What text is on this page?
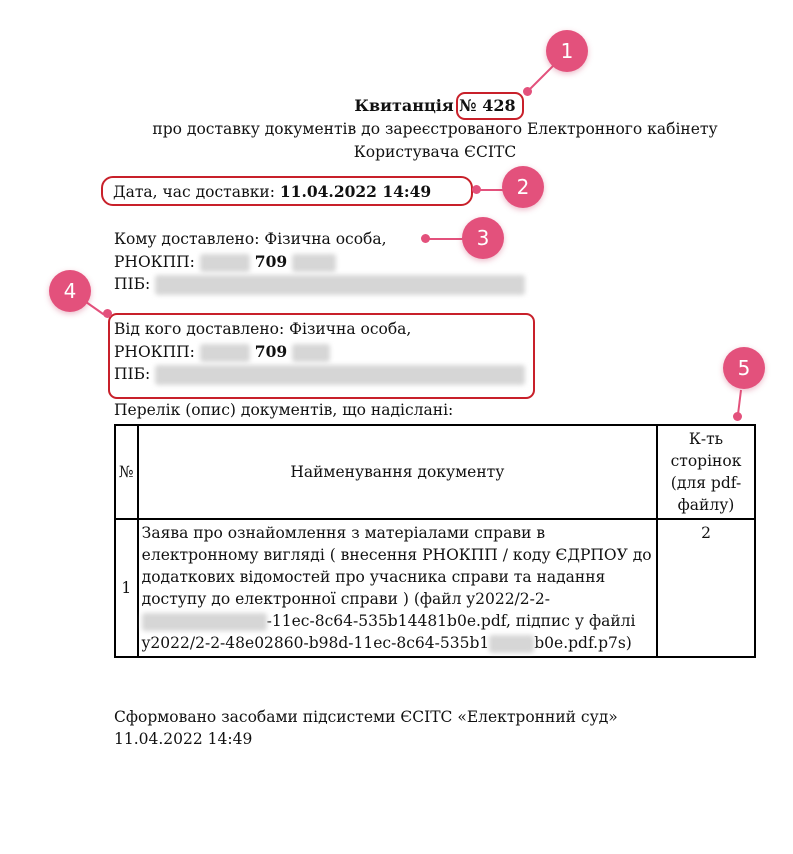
Квитанція № 428
про доставку документів до зареєстрованого Електронного кабінету
Користувача ЄСІТС
Дата, час доставки: 11.04.2022 14:49
Кому доставлено: Фізична особа,
РНОКПП:	709
ПІБ:
Від кого доставлено: Фізична особа,
РНОКПП:	709
ПІБ:
Перелік (опис) документів, що надіслані:
№	Найменування документу	К-ть сторінок (для pdf-файлу)
1	Заява про ознайомлення з матеріалами справи в електронному вигляді ( внесення РНОКПП / коду ЄДРПОУ до додаткових відомостей про учасника справи та надання доступу до електронної справи ) (файл y2022/2-2--11ec-8c64-535b14481b0e.pdf, підпис у файлі y2022/2-2-48e02860-b98d-11ec-8c64-535b1 b0e.pdf.p7s)	2
Сформовано засобами підсистеми ЄСІТС «Електронний суд»
11.04.2022 14:49
1
2
3
4
5
